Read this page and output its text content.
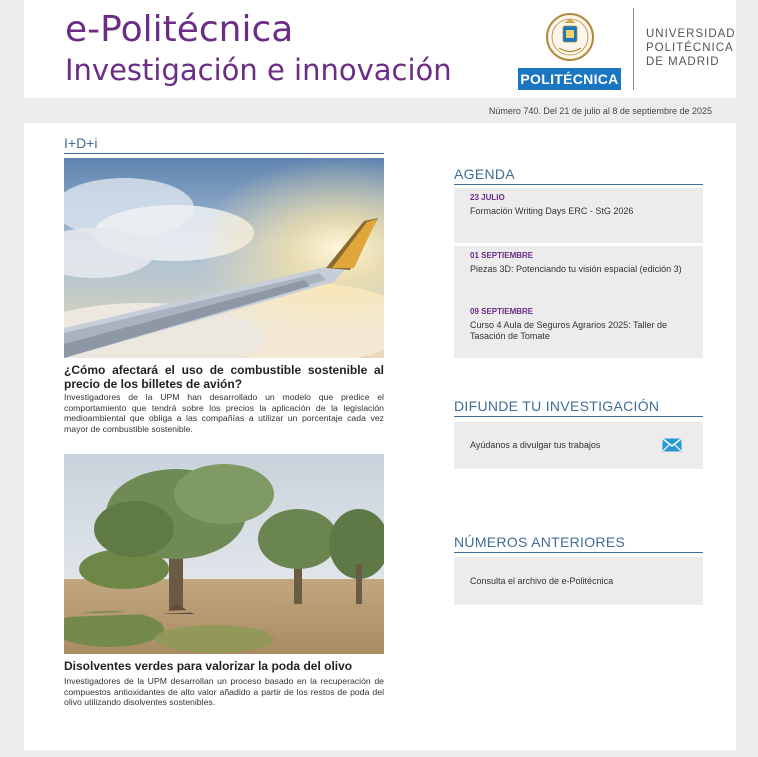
e-Politécnica
Investigación e innovación	POLITÉCNICA
UNIVERSIDAD
POLITÉCNICA
DE MADRID
Número 740. Del 21 de julio al 8 de septiembre de 2025
I+D+i
¿Cómo afectará el uso de combustible sostenible al precio de los billetes de avión?
Investigadores de la UPM han desarrollado un modelo que predice el comportamiento que tendrá sobre los precios la aplicación de la legislación medioambiental que obliga a las compañías a utilizar un porcentaje cada vez mayor de combustible sostenible.
Disolventes verdes para valorizar la poda del olivo
Investigadores de la UPM desarrollan un proceso basado en la recuperación de compuestos antioxidantes de alto valor añadido a partir de los restos de poda del olivo utilizando disolventes sostenibles.
AGENDA
23 JULIO
Formación Writing Days ERC - StG 2026
01 SEPTIEMBRE
Piezas 3D: Potenciando tu visión espacial (edición 3)
09 SEPTIEMBRE
Curso 4 Aula de Seguros Agrarios 2025: Taller de Tasación de Tomate
DIFUNDE TU INVESTIGACIÓN
Ayúdanos a divulgar tus trabajos
NÚMEROS ANTERIORES
Consulta el archivo de e-Politécnica
